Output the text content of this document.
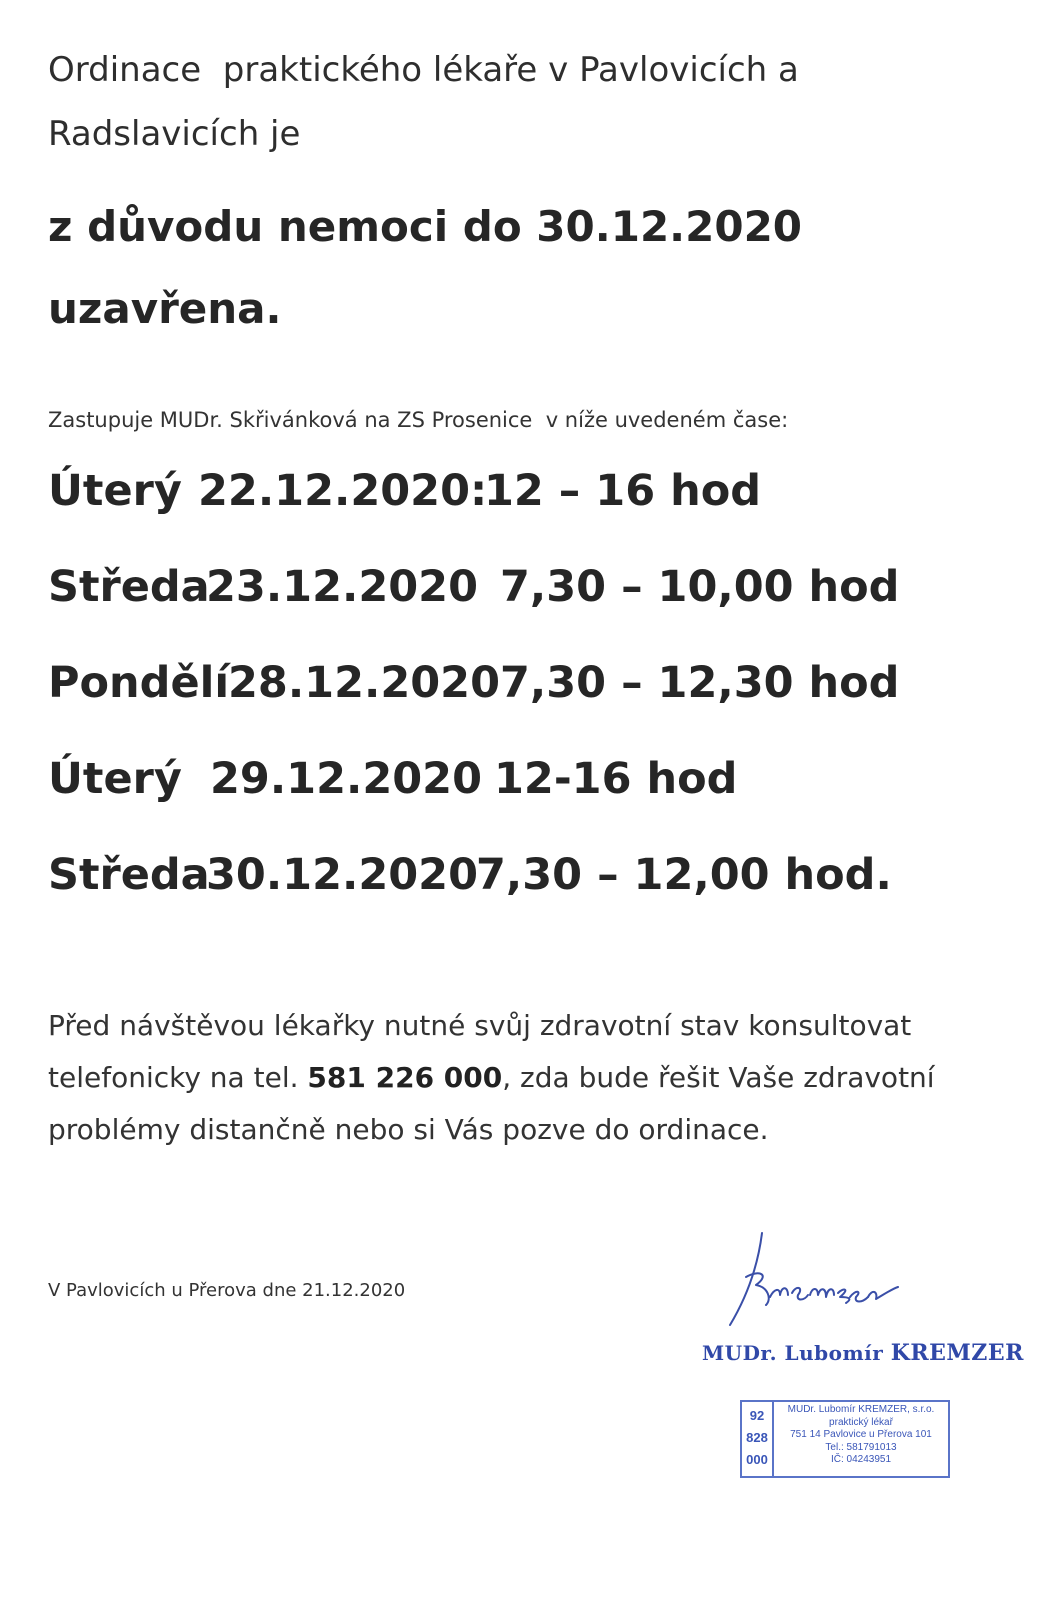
Ordinace  praktického lékaře v Pavlovicích a
Radslavicích je
z důvodu nemoci do 30.12.2020
uzavřena.
Zastupuje MUDr. Skřivánková na ZS Prosenice  v níže uvedeném čase:
Úterý 22.12.2020:
12 – 16 hod
Středa
23.12.2020 7,30 – 10,00 hod
Pondělí
28.12.2020 7,30 – 12,30 hod
Úterý 29.12.2020 12-16 hod
Středa
30.12.2020
7,30 – 12,00 hod.
Před návštěvou lékařky nutné svůj zdravotní stav konsultovat
telefonicky na tel. 581 226 000, zda bude řešit Vaše zdravotní
problémy distančně nebo si Vás pozve do ordinace.
V Pavlovicích u Přerova dne 21.12.2020
MUDr. Lubomír KREMZER
92
828
000
MUDr. Lubomír KREMZER, s.r.o.
praktický lékař
751 14 Pavlovice u Přerova 101
Tel.: 581791013
IČ: 04243951
